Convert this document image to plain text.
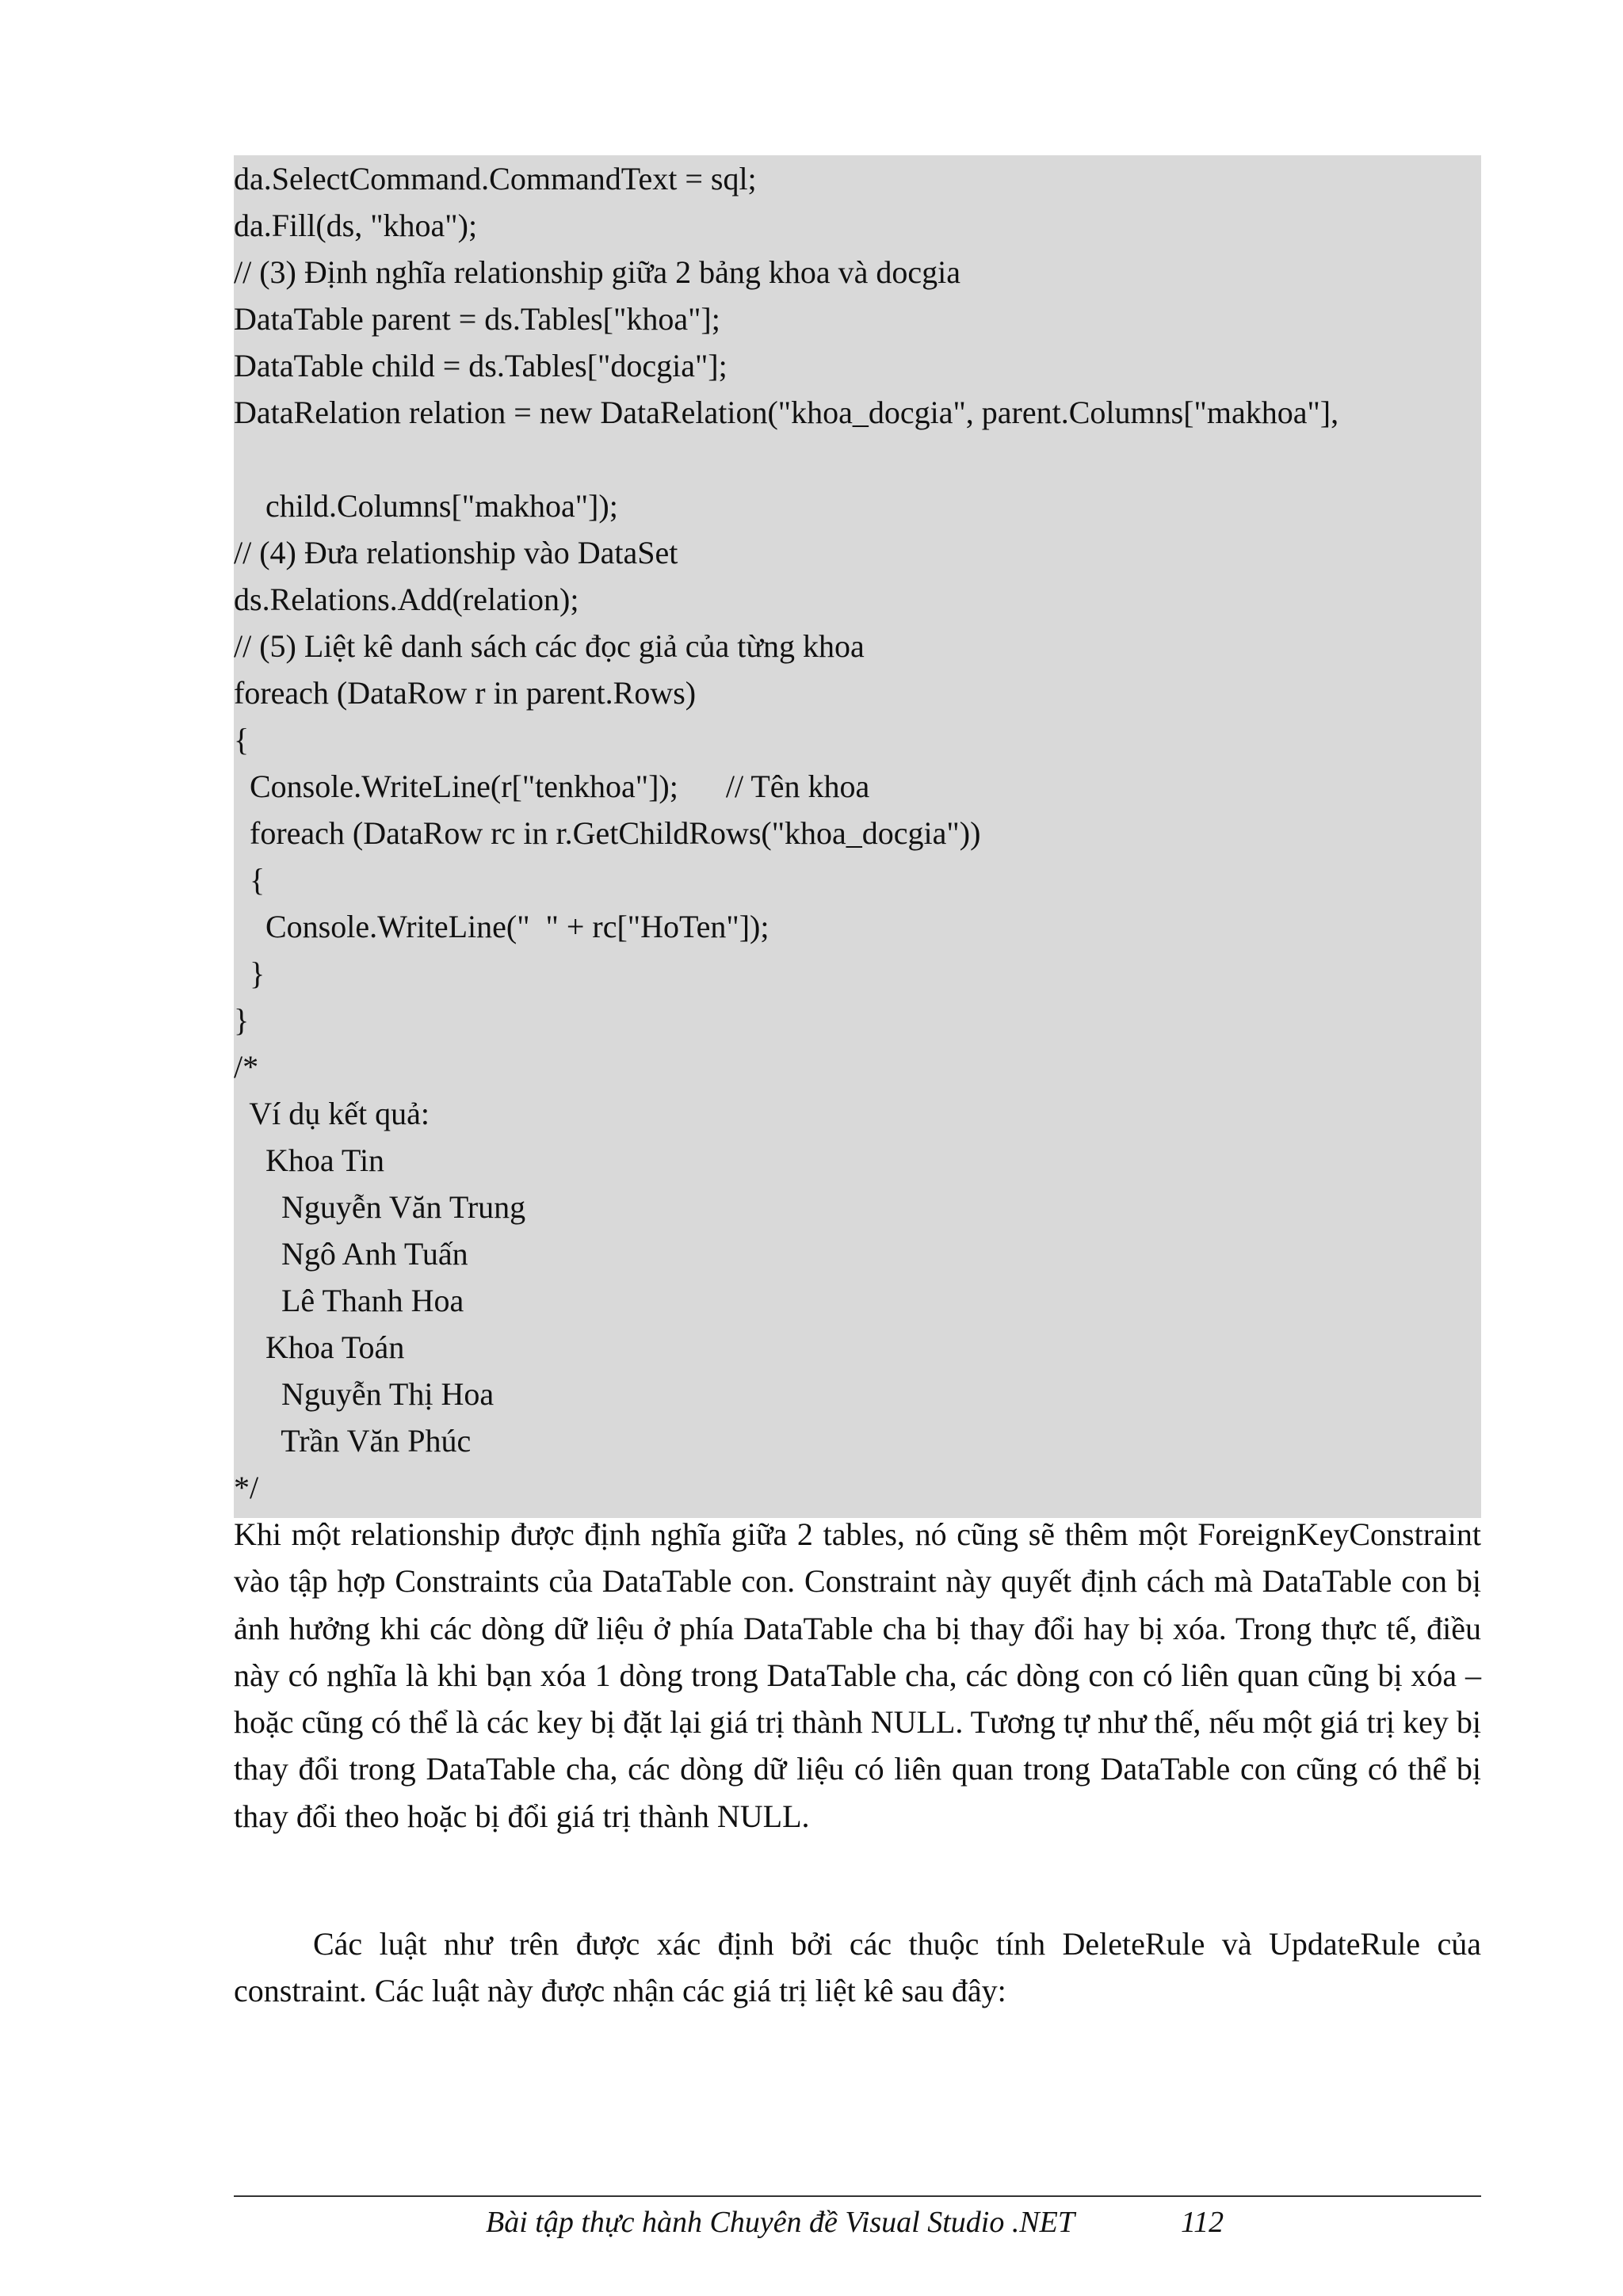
da.SelectCommand.CommandText = sql;
da.Fill(ds, "khoa");
// (3) Định nghĩa relationship giữa 2 bảng khoa và docgia
DataTable parent = ds.Tables["khoa"];
DataTable child = ds.Tables["docgia"];
DataRelation relation = new DataRelation("khoa_docgia", parent.Columns["makhoa"],
child.Columns["makhoa"]);
// (4) Đưa relationship vào DataSet
ds.Relations.Add(relation);
// (5) Liệt kê danh sách các đọc giả của từng khoa
foreach (DataRow r in parent.Rows)
{
Console.WriteLine(r["tenkhoa"]);      // Tên khoa
foreach (DataRow rc in r.GetChildRows("khoa_docgia"))
{
Console.WriteLine("  " + rc["HoTen"]);
}
}
/*
Ví dụ kết quả:
Khoa Tin
Nguyễn Văn Trung
Ngô Anh Tuấn
Lê Thanh Hoa
Khoa Toán
Nguyễn Thị Hoa
Trần Văn Phúc
*/

Khi một relationship được định nghĩa giữa 2 tables, nó cũng sẽ thêm một ForeignKeyConstraint vào tập hợp Constraints của DataTable con. Constraint này quyết định cách mà DataTable con bị ảnh hưởng khi các dòng dữ liệu ở phía DataTable cha bị thay đổi hay bị xóa. Trong thực tế, điều này có nghĩa là khi bạn xóa 1 dòng trong DataTable cha, các dòng con có liên quan cũng bị xóa – hoặc cũng có thể là các key bị đặt lại giá trị thành NULL. Tương tự như thế, nếu một giá trị key bị thay đổi trong DataTable cha, các dòng dữ liệu có liên quan trong DataTable con cũng có thể bị thay đổi theo hoặc bị đổi giá trị thành NULL.

Các luật như trên được xác định bởi các thuộc tính DeleteRule và UpdateRule của constraint. Các luật này được nhận các giá trị liệt kê sau đây:

Bài tập thực hành Chuyên đề Visual Studio .NET	112
